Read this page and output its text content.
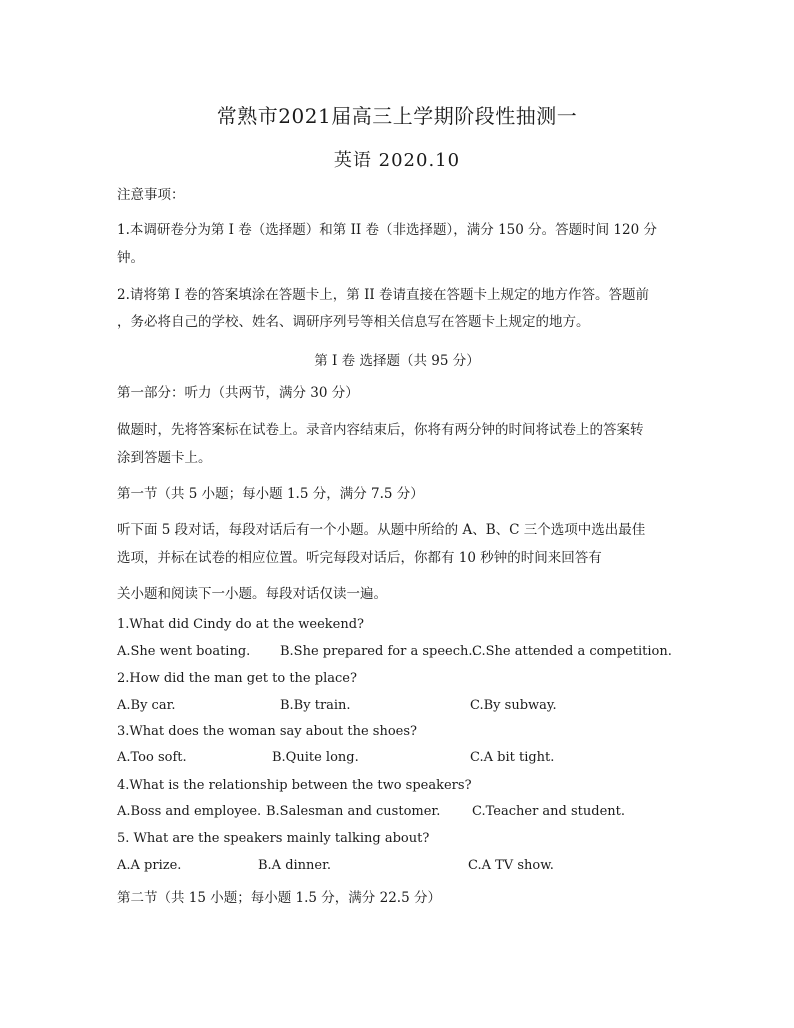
常熟市2021届高三上学期阶段性抽测一
英语 2020.10
注意事项：
1.本调研卷分为第 I 卷（选择题）和第 II 卷（非选择题），满分 150 分。答题时间 120 分
钟。
2.请将第 I 卷的答案填涂在答题卡上，第 II 卷请直接在答题卡上规定的地方作答。答题前
，务必将自己的学校、姓名、调研序列号等相关信息写在答题卡上规定的地方。
第 I 卷 选择题（共 95 分）
第一部分：听力（共两节，满分 30 分）
做题时，先将答案标在试卷上。录音内容结束后，你将有两分钟的时间将试卷上的答案转
涂到答题卡上。
第一节（共 5 小题；每小题 1.5 分，满分 7.5 分）
听下面 5 段对话，每段对话后有一个小题。从题中所给的 A、B、C 三个选项中选出最佳
选项，并标在试卷的相应位置。听完每段对话后，你都有 10 秒钟的时间来回答有
关小题和阅读下一小题。每段对话仅读一遍。
1.What did Cindy do at the weekend?
A.She went boating. B.She prepared for a speech..
C.She attended a competition.
2.How did the man get to the place?
A.By car.	B.By train.	C.By subway.
3.What does the woman say about the shoes?
A.Too soft.	B.Quite long.	C.A bit tight.
4.What is the relationship between the two speakers?
A.Boss and employee. B.Salesman and customer. C.Teacher and student.
5. What are the speakers mainly talking about?
A.A prize.	B.A dinner.	C.A TV show.
第二节（共 15 小题；每小题 1.5 分，满分 22.5 分）
